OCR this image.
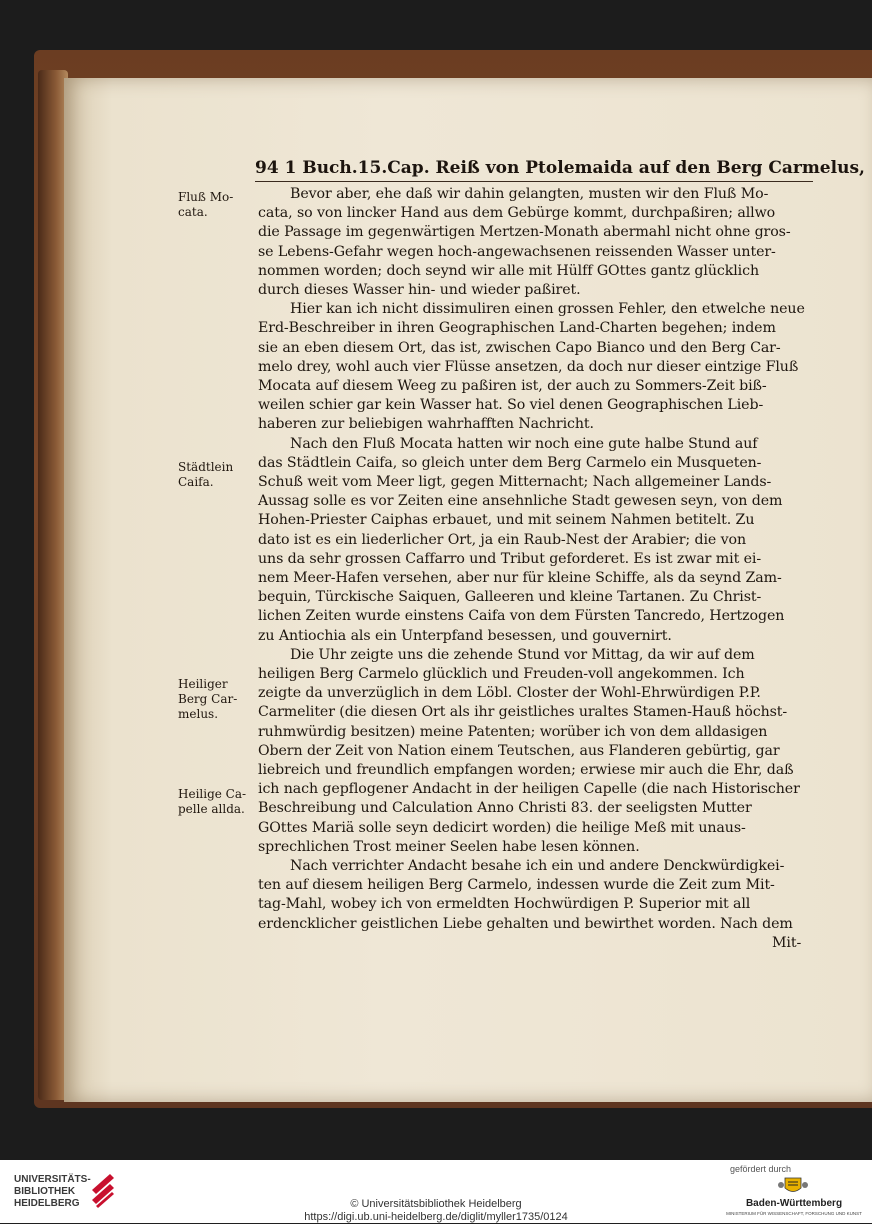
94 1 Buch.15.Cap. Reiß von Ptolemaida auf den Berg Carmelus,
Fluß Mo-
cata.
Städtlein
Caifa.
Heiliger
Berg Car-
melus.
Heilige Ca-
pelle allda.
Bevor aber, ehe daß wir dahin gelangten, musten wir den Fluß Mo-
cata, so von lincker Hand aus dem Gebürge kommt, durchpaßiren; allwo
die Passage im gegenwärtigen Mertzen-Monath abermahl nicht ohne gros-
se Lebens-Gefahr wegen hoch-angewachsenen reissenden Wasser unter-
nommen worden; doch seynd wir alle mit Hülff GOttes gantz glücklich
durch dieses Wasser hin- und wieder paßiret.
Hier kan ich nicht dissimuliren einen grossen Fehler, den etwelche neue
Erd-Beschreiber in ihren Geographischen Land-Charten begehen; indem
sie an eben diesem Ort, das ist, zwischen Capo Bianco und den Berg Car-
melo drey, wohl auch vier Flüsse ansetzen, da doch nur dieser eintzige Fluß
Mocata auf diesem Weeg zu paßiren ist, der auch zu Sommers-Zeit biß-
weilen schier gar kein Wasser hat. So viel denen Geographischen Lieb-
haberen zur beliebigen wahrhafften Nachricht.
Nach den Fluß Mocata hatten wir noch eine gute halbe Stund auf
das Städtlein Caifa, so gleich unter dem Berg Carmelo ein Musqueten-
Schuß weit vom Meer ligt, gegen Mitternacht; Nach allgemeiner Lands-
Aussag solle es vor Zeiten eine ansehnliche Stadt gewesen seyn, von dem
Hohen-Priester Caiphas erbauet, und mit seinem Nahmen betitelt. Zu
dato ist es ein liederlicher Ort, ja ein Raub-Nest der Arabier; die von
uns da sehr grossen Caffarro und Tribut geforderet. Es ist zwar mit ei-
nem Meer-Hafen versehen, aber nur für kleine Schiffe, als da seynd Zam-
bequin, Türckische Saiquen, Galleeren und kleine Tartanen. Zu Christ-
lichen Zeiten wurde einstens Caifa von dem Fürsten Tancredo, Hertzogen
zu Antiochia als ein Unterpfand besessen, und gouvernirt.
Die Uhr zeigte uns die zehende Stund vor Mittag, da wir auf dem
heiligen Berg Carmelo glücklich und Freuden-voll angekommen. Ich
zeigte da unverzüglich in dem Löbl. Closter der Wohl-Ehrwürdigen P.P.
Carmeliter (die diesen Ort als ihr geistliches uraltes Stamen-Hauß höchst-
ruhmwürdig besitzen) meine Patenten; worüber ich von dem alldasigen
Obern der Zeit von Nation einem Teutschen, aus Flanderen gebürtig, gar
liebreich und freundlich empfangen worden; erwiese mir auch die Ehr, daß
ich nach gepflogener Andacht in der heiligen Capelle (die nach Historischer
Beschreibung und Calculation Anno Christi 83. der seeligsten Mutter
GOttes Mariä solle seyn dedicirt worden) die heilige Meß mit unaus-
sprechlichen Trost meiner Seelen habe lesen können.
Nach verrichter Andacht besahe ich ein und andere Denckwürdigkei-
ten auf diesem heiligen Berg Carmelo, indessen wurde die Zeit zum Mit-
tag-Mahl, wobey ich von ermeldten Hochwürdigen P. Superior mit all
erdencklicher geistlichen Liebe gehalten und bewirthet worden. Nach dem
Mit-
UNIVERSITÄTS-
BIBLIOTHEK
HEIDELBERG	© Universitätsbibliothek Heidelberg
https://digi.ub.uni-heidelberg.de/diglit/myller1735/0124
gefördert durch
Baden-Württemberg
MINISTERIUM FÜR WISSENSCHAFT, FORSCHUNG UND KUNST
